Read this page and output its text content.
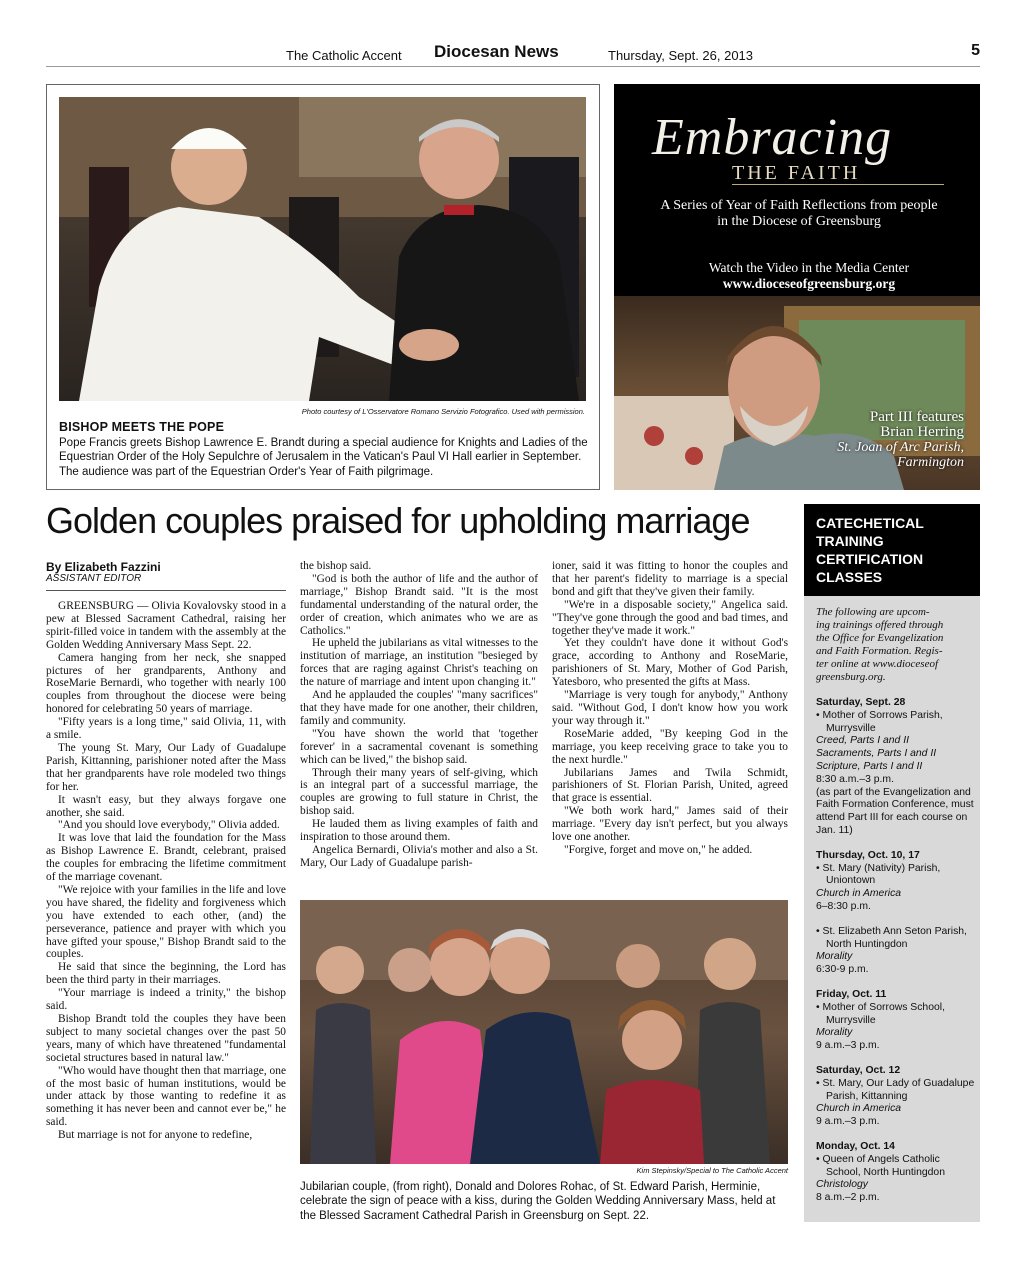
The Catholic Accent Diocesan News	Thursday, Sept. 26, 2013	5
Photo courtesy of L'Osservatore Romano Servizio Fotografico. Used with permission.
BISHOP MEETS THE POPE
Pope Francis greets Bishop Lawrence E. Brandt during a special audience for Knights and Ladies of the Equestrian Order of the Holy Sepulchre of Jerusalem in the Vatican's Paul VI Hall earlier in September. The audience was part of the Equestrian Order's Year of Faith pilgrimage.
Embracing
THE FAITH
A Series of Year of Faith Reflections from people in the Diocese of Greensburg
Watch the Video in the Media Center
www.dioceseofgreensburg.org
Part III features
Brian Herring
St. Joan of Arc Parish,
Farmington
Golden couples praised for upholding marriage
By Elizabeth Fazzini
ASSISTANT EDITOR

GREENSBURG — Olivia Kovalovsky stood in a pew at Blessed Sacrament Cathedral, raising her spirit-filled voice in tandem with the assembly at the Golden Wedding Anniversary Mass Sept. 22.

Camera hanging from her neck, she snapped pictures of her grandparents, Anthony and RoseMarie Bernardi, who together with nearly 100 couples from throughout the diocese were being honored for celebrating 50 years of marriage.

"Fifty years is a long time," said Olivia, 11, with a smile.

The young St. Mary, Our Lady of Guadalupe Parish, Kittanning, parishioner noted after the Mass that her grandparents have role modeled two things for her.

It wasn't easy, but they always forgave one another, she said.

"And you should love everybody," Olivia added.

It was love that laid the foundation for the Mass as Bishop Lawrence E. Brandt, celebrant, praised the couples for embracing the lifetime commitment of the marriage covenant.

"We rejoice with your families in the life and love you have shared, the fidelity and forgiveness which you have extended to each other, (and) the perseverance, patience and prayer with which you have gifted your spouse," Bishop Brandt said to the couples.

He said that since the beginning, the Lord has been the third party in their marriages.

"Your marriage is indeed a trinity," the bishop said.

Bishop Brandt told the couples they have been subject to many societal changes over the past 50 years, many of which have threatened "fundamental societal structures based in natural law."

"Who would have thought then that marriage, one of the most basic of human institutions, would be under attack by those wanting to redefine it as something it has never been and cannot ever be," he said.

But marriage is not for anyone to redefine,

the bishop said.

"God is both the author of life and the author of marriage," Bishop Brandt said. "It is the most fundamental understanding of the natural order, the order of creation, which animates who we are as Catholics."

He upheld the jubilarians as vital witnesses to the institution of marriage, an institution "besieged by forces that are raging against Christ's teaching on the nature of marriage and intent upon changing it."

And he applauded the couples' "many sacrifices" that they have made for one another, their children, family and community.

"You have shown the world that 'together forever' in a sacramental covenant is something which can be lived," the bishop said.

Through their many years of self-giving, which is an integral part of a successful marriage, the couples are growing to full stature in Christ, the bishop said.

He lauded them as living examples of faith and inspiration to those around them.

Angelica Bernardi, Olivia's mother and also a St. Mary, Our Lady of Guadalupe parish-

ioner, said it was fitting to honor the couples and that her parent's fidelity to marriage is a special bond and gift that they've given their family.

"We're in a disposable society," Angelica said. "They've gone through the good and bad times, and together they've made it work."

Yet they couldn't have done it without God's grace, according to Anthony and RoseMarie, parishioners of St. Mary, Mother of God Parish, Yatesboro, who presented the gifts at Mass.

"Marriage is very tough for anybody," Anthony said. "Without God, I don't know how you work your way through it."

RoseMarie added, "By keeping God in the marriage, you keep receiving grace to take you to the next hurdle."

Jubilarians James and Twila Schmidt, parishioners of St. Florian Parish, United, agreed that grace is essential.

"We both work hard," James said of their marriage. "Every day isn't perfect, but you always love one another.

"Forgive, forget and move on," he added.

Kim Stepinsky/Special to The Catholic Accent
Jubilarian couple, (from right), Donald and Dolores Rohac, of St. Edward Parish, Herminie, celebrate the sign of peace with a kiss, during the Golden Wedding Anniversary Mass, held at the Blessed Sacrament Cathedral Parish in Greensburg on Sept. 22.
CATECHETICAL TRAINING CERTIFICATION CLASSES
The following are upcom-
ing trainings offered through
the Office for Evangelization
and Faith Formation. Regis-
ter online at www.dioceseof
greensburg.org.
Saturday, Sept. 28
• Mother of Sorrows Parish, Murrysville
Creed, Parts I and II
Sacraments, Parts I and II
Scripture, Parts I and II
8:30 a.m.–3 p.m.
(as part of the Evangelization and Faith Formation Conference, must attend Part III for each course on Jan. 11)
Thursday, Oct. 10, 17
• St. Mary (Nativity) Parish, Uniontown
Church in America
6–8:30 p.m.
• St. Elizabeth Ann Seton Parish, North Huntingdon
Morality
6:30-9 p.m.
Friday, Oct. 11
• Mother of Sorrows School, Murrysville
Morality
9 a.m.–3 p.m.
Saturday, Oct. 12
• St. Mary, Our Lady of Guadalupe Parish, Kittanning
Church in America
9 a.m.–3 p.m.
Monday, Oct. 14
• Queen of Angels Catholic School, North Huntingdon
Christology
8 a.m.–2 p.m.
